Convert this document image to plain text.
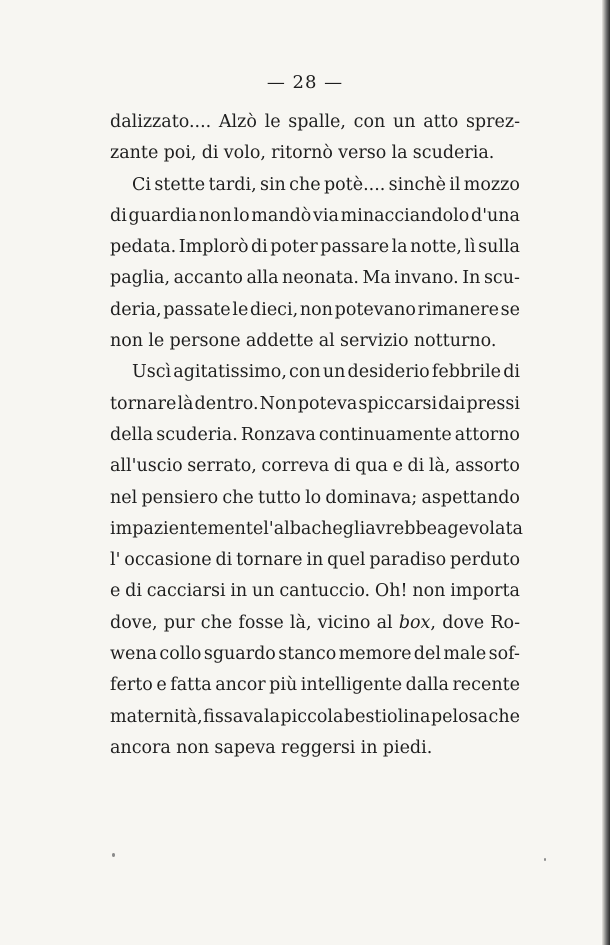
— 28 —
dalizzato.... Alzò le spalle, con un atto sprez-
zante poi, di volo, ritornò verso la scuderia.
Ci stette tardi, sin che potè.... sinchè il mozzo
di guardia non lo mandò via minacciandolo d'una
pedata. Implorò di poter passare la notte, lì sulla
paglia, accanto alla neonata. Ma invano. In scu-
deria, passate le dieci, non potevano rimanere se
non le persone addette al servizio notturno.
Uscì agitatissimo, con un desiderio febbrile di
tornare là dentro. Non poteva spiccarsi dai pressi
della scuderia. Ronzava continuamente attorno
all'uscio serrato, correva di qua e di là, assorto
nel pensiero che tutto lo dominava; aspettando
impazientemente l'alba che gli avrebbe agevolata
l' occasione di tornare in quel paradiso perduto
e di cacciarsi in un cantuccio. Oh! non importa
dove, pur che fosse là, vicino al box, dove Ro-
wena collo sguardo stanco memore del male sof-
ferto e fatta ancor più intelligente dalla recente
maternità, fissava la piccola bestiolina pelosa che
ancora non sapeva reggersi in piedi.
